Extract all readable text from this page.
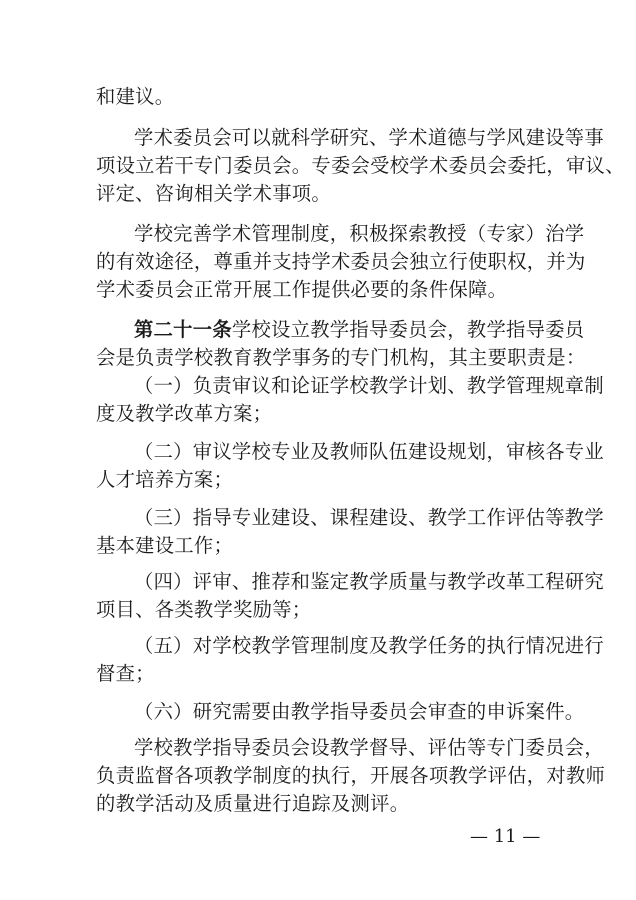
和建议。
学术委员会可以就科学研究、学术道德与学风建设等事
项设立若干专门委员会。专委会受校学术委员会委托，审议、
评定、咨询相关学术事项。
学校完善学术管理制度，积极探索教授（专家）治学
的有效途径，尊重并支持学术委员会独立行使职权，并为
学术委员会正常开展工作提供必要的条件保障。
第二十一条学校设立教学指导委员会，教学指导委员
会是负责学校教育教学事务的专门机构，其主要职责是：
（一）负责审议和论证学校教学计划、教学管理规章制
度及教学改革方案；
（二）审议学校专业及教师队伍建设规划，审核各专业
人才培养方案；
（三）指导专业建设、课程建设、教学工作评估等教学
基本建设工作；
（四）评审、推荐和鉴定教学质量与教学改革工程研究
项目、各类教学奖励等；
（五）对学校教学管理制度及教学任务的执行情况进行
督查；
（六）研究需要由教学指导委员会审查的申诉案件。
学校教学指导委员会设教学督导、评估等专门委员会，
负责监督各项教学制度的执行，开展各项教学评估，对教师
的教学活动及质量进行追踪及测评。
— 11 —
